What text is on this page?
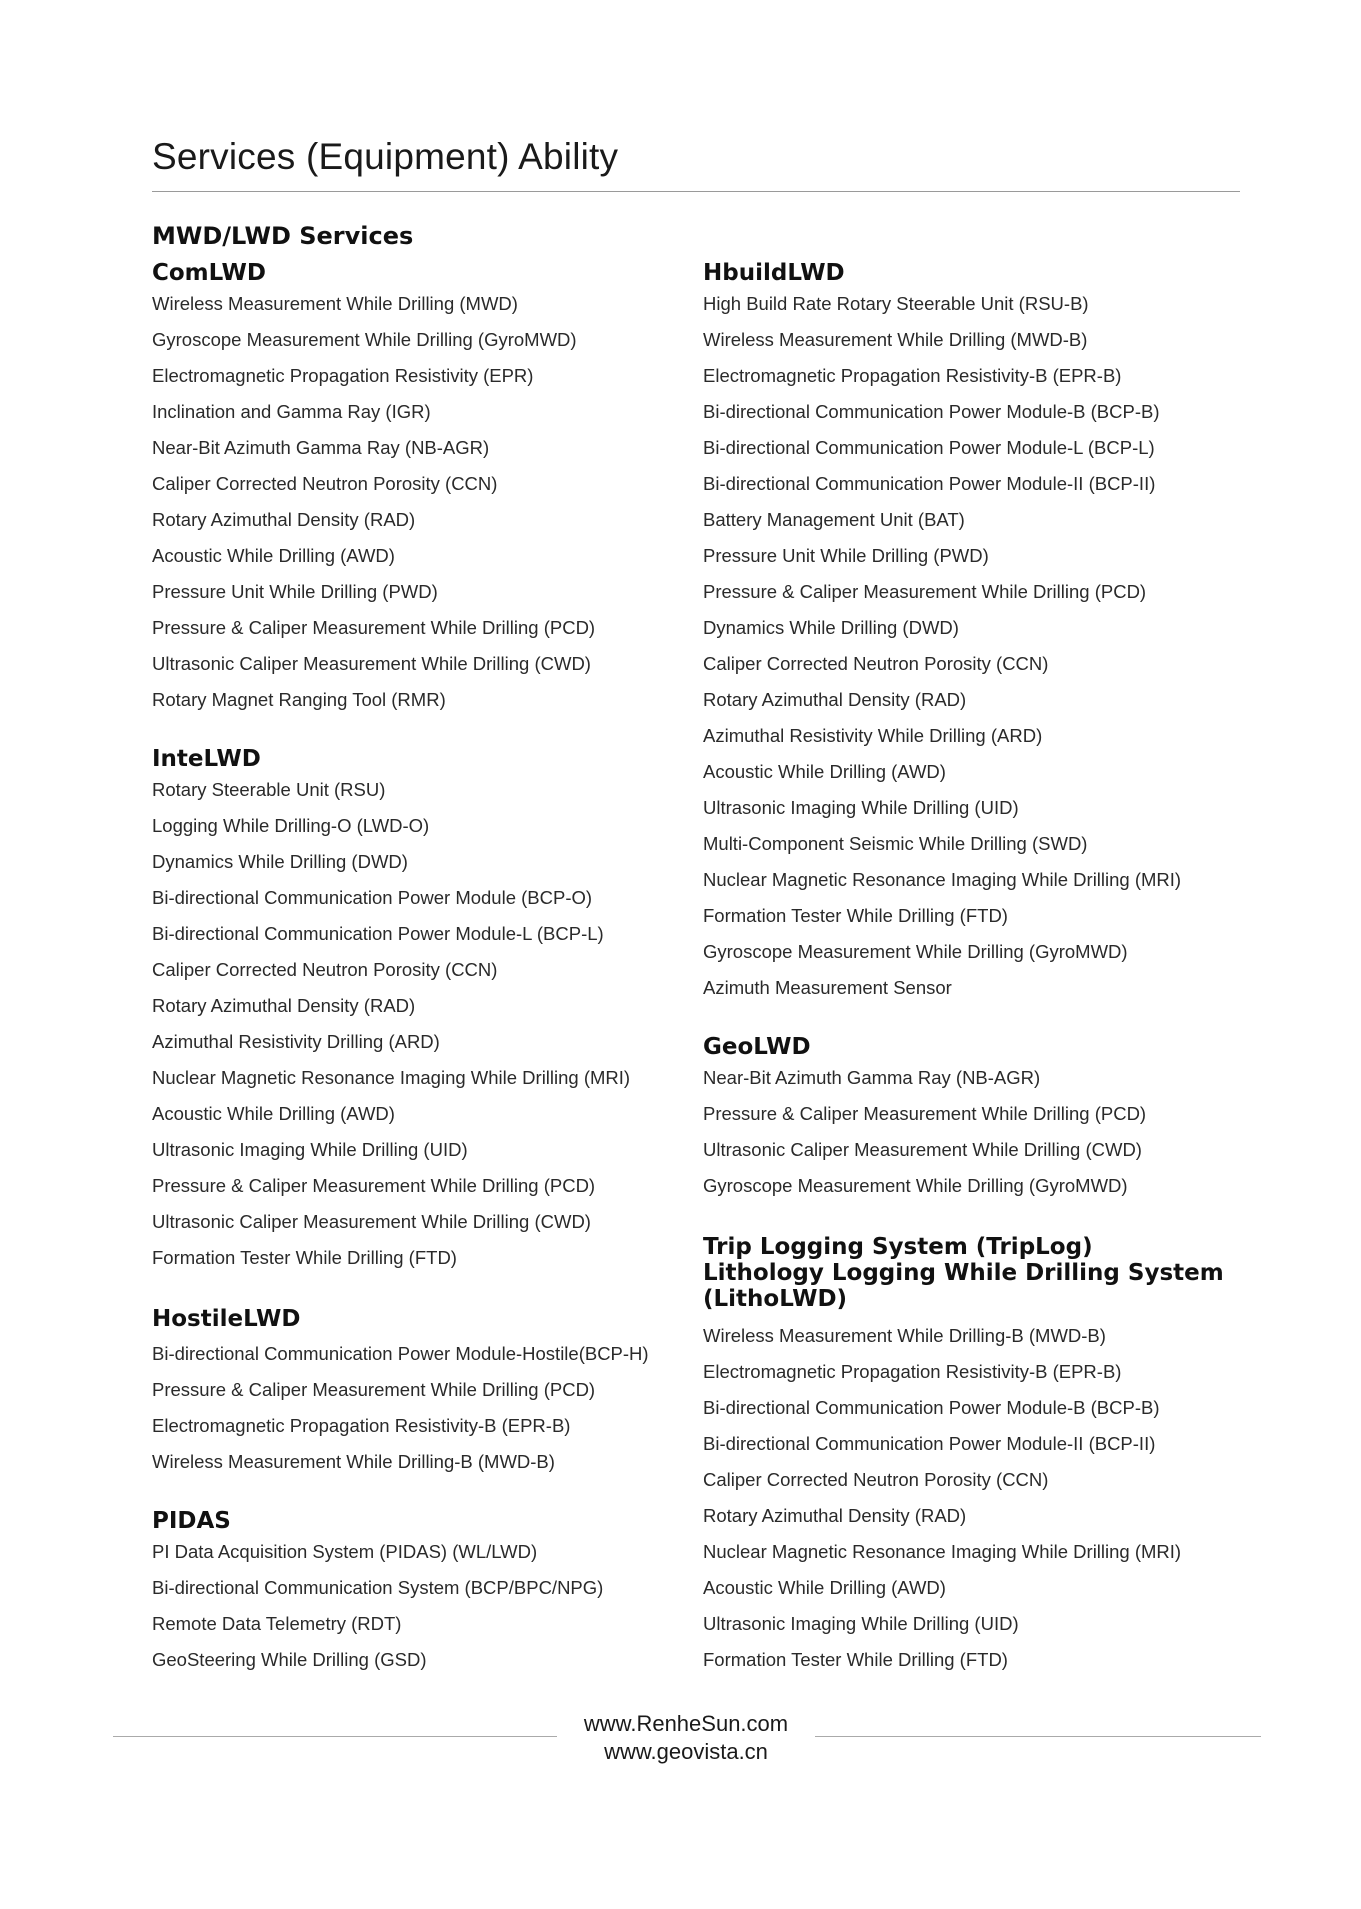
Services (Equipment) Ability
MWD/LWD Services
ComLWD
Wireless Measurement While Drilling (MWD)
Gyroscope Measurement While Drilling (GyroMWD)
Electromagnetic Propagation Resistivity (EPR)
Inclination and Gamma Ray (IGR)
Near-Bit Azimuth Gamma Ray (NB-AGR)
Caliper Corrected Neutron Porosity (CCN)
Rotary Azimuthal Density (RAD)
Acoustic While Drilling (AWD)
Pressure Unit While Drilling (PWD)
Pressure & Caliper Measurement While Drilling (PCD)
Ultrasonic Caliper Measurement While Drilling (CWD)
Rotary Magnet Ranging Tool (RMR)
InteLWD
Rotary Steerable Unit (RSU)
Logging While Drilling-O (LWD-O)
Dynamics While Drilling (DWD)
Bi-directional Communication Power Module (BCP-O)
Bi-directional Communication Power Module-L (BCP-L)
Caliper Corrected Neutron Porosity (CCN)
Rotary Azimuthal Density (RAD)
Azimuthal Resistivity Drilling (ARD)
Nuclear Magnetic Resonance Imaging While Drilling (MRI)
Acoustic While Drilling (AWD)
Ultrasonic Imaging While Drilling (UID)
Pressure & Caliper Measurement While Drilling (PCD)
Ultrasonic Caliper Measurement While Drilling (CWD)
Formation Tester While Drilling (FTD)
HostileLWD
Bi-directional Communication Power Module-Hostile(BCP-H)
Pressure & Caliper Measurement While Drilling (PCD)
Electromagnetic Propagation Resistivity-B (EPR-B)
Wireless Measurement While Drilling-B (MWD-B)
PIDAS
PI Data Acquisition System (PIDAS) (WL/LWD)
Bi-directional Communication System (BCP/BPC/NPG)
Remote Data Telemetry (RDT)
GeoSteering While Drilling (GSD)
HbuildLWD
High Build Rate Rotary Steerable Unit (RSU-B)
Wireless Measurement While Drilling (MWD-B)
Electromagnetic Propagation Resistivity-B (EPR-B)
Bi-directional Communication Power Module-B (BCP-B)
Bi-directional Communication Power Module-L (BCP-L)
Bi-directional Communication Power Module-II (BCP-II)
Battery Management Unit (BAT)
Pressure Unit While Drilling (PWD)
Pressure & Caliper Measurement While Drilling (PCD)
Dynamics While Drilling (DWD)
Caliper Corrected Neutron Porosity (CCN)
Rotary Azimuthal Density (RAD)
Azimuthal Resistivity While Drilling (ARD)
Acoustic While Drilling (AWD)
Ultrasonic Imaging While Drilling (UID)
Multi-Component Seismic While Drilling (SWD)
Nuclear Magnetic Resonance Imaging While Drilling (MRI)
Formation Tester While Drilling (FTD)
Gyroscope Measurement While Drilling (GyroMWD)
Azimuth Measurement Sensor
GeoLWD
Near-Bit Azimuth Gamma Ray (NB-AGR)
Pressure & Caliper Measurement While Drilling (PCD)
Ultrasonic Caliper Measurement While Drilling (CWD)
Gyroscope Measurement While Drilling (GyroMWD)
Trip Logging System (TripLog)
Lithology Logging While Drilling System
(LithoLWD)
Wireless Measurement While Drilling-B (MWD-B)
Electromagnetic Propagation Resistivity-B (EPR-B)
Bi-directional Communication Power Module-B (BCP-B)
Bi-directional Communication Power Module-II (BCP-II)
Caliper Corrected Neutron Porosity (CCN)
Rotary Azimuthal Density (RAD)
Nuclear Magnetic Resonance Imaging While Drilling (MRI)
Acoustic While Drilling (AWD)
Ultrasonic Imaging While Drilling (UID)
Formation Tester While Drilling (FTD)
www.RenheSun.com
www.geovista.cn
